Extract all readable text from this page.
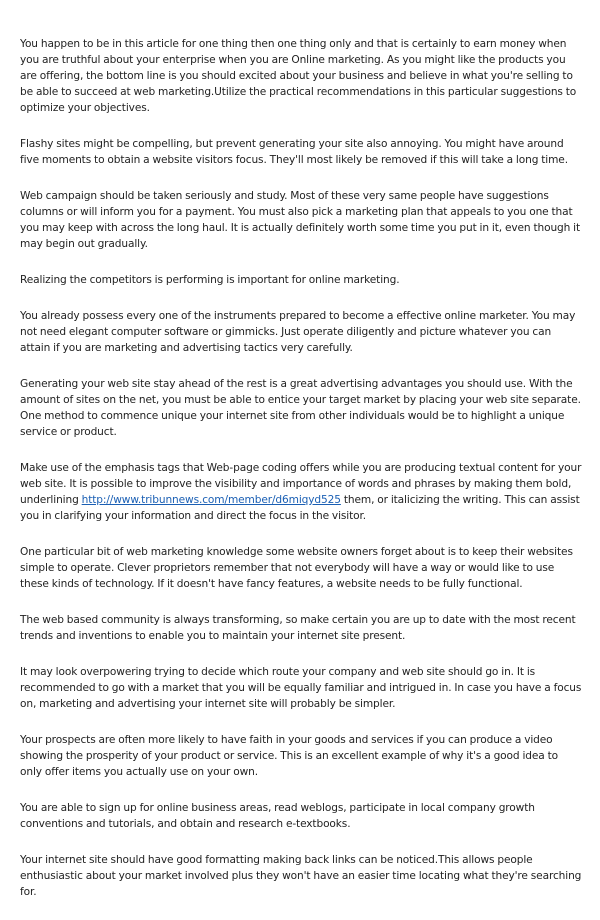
You happen to be in this article for one thing then one thing only and that is certainly to earn money when you are truthful about your enterprise when you are Online marketing. As you might like the products you are offering, the bottom line is you should excited about your business and believe in what you're selling to be able to succeed at web marketing.Utilize the practical recommendations in this particular suggestions to optimize your objectives.

Flashy sites might be compelling, but prevent generating your site also annoying. You might have around five moments to obtain a website visitors focus. They'll most likely be removed if this will take a long time.

Web campaign should be taken seriously and study. Most of these very same people have suggestions columns or will inform you for a payment. You must also pick a marketing plan that appeals to you one that you may keep with across the long haul. It is actually definitely worth some time you put in it, even though it may begin out gradually.

Realizing the competitors is performing is important for online marketing.

You already possess every one of the instruments prepared to become a effective online marketer. You may not need elegant computer software or gimmicks. Just operate diligently and picture whatever you can attain if you are marketing and advertising tactics very carefully.

Generating your web site stay ahead of the rest is a great advertising advantages you should use. With the amount of sites on the net, you must be able to entice your target market by placing your web site separate. One method to commence unique your internet site from other individuals would be to highlight a unique service or product.

Make use of the emphasis tags that Web-page coding offers while you are producing textual content for your web site. It is possible to improve the visibility and importance of words and phrases by making them bold, underlining http://www.tribunnews.com/member/d6miqyd525 them, or italicizing the writing. This can assist you in clarifying your information and direct the focus in the visitor.

One particular bit of web marketing knowledge some website owners forget about is to keep their websites simple to operate. Clever proprietors remember that not everybody will have a way or would like to use these kinds of technology. If it doesn't have fancy features, a website needs to be fully functional.

The web based community is always transforming, so make certain you are up to date with the most recent trends and inventions to enable you to maintain your internet site present.

It may look overpowering trying to decide which route your company and web site should go in. It is recommended to go with a market that you will be equally familiar and intrigued in. In case you have a focus on, marketing and advertising your internet site will probably be simpler.

Your prospects are often more likely to have faith in your goods and services if you can produce a video showing the prosperity of your product or service. This is an excellent example of why it's a good idea to only offer items you actually use on your own.

You are able to sign up for online business areas, read weblogs, participate in local company growth conventions and tutorials, and obtain and research e-textbooks.

Your internet site should have good formatting making back links can be noticed.This allows people enthusiastic about your market involved plus they won't have an easier time locating what they're searching for.
